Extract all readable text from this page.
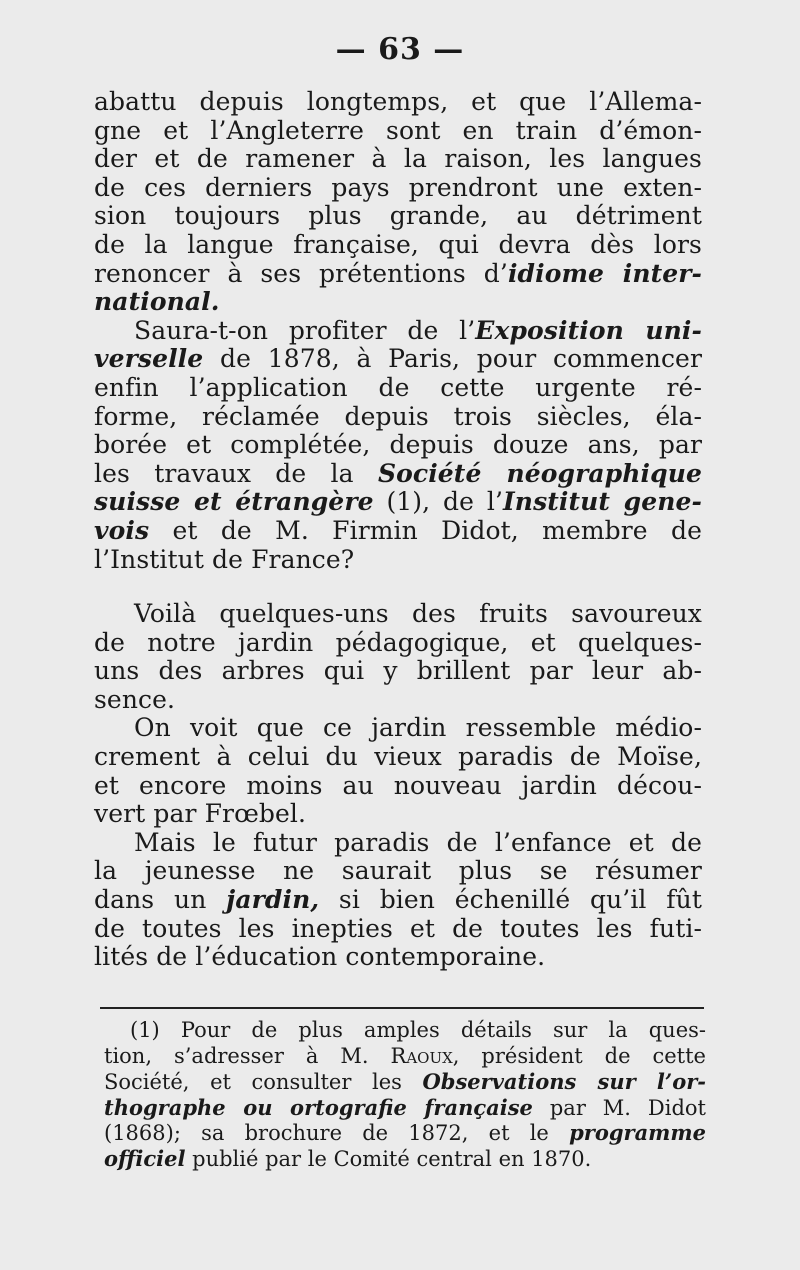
— 63 —
abattu depuis longtemps, et que l’Allema-
gne et l’Angleterre sont en train d’émon-
der et de ramener à la raison, les langues
de ces derniers pays prendront une exten-
sion toujours plus grande, au détriment
de la langue française, qui devra dès lors
renoncer à ses prétentions d’idiome inter-
national.
Saura-t-on profiter de l’Exposition uni-
verselle de 1878, à Paris, pour commencer
enfin l’application de cette urgente ré-
forme, réclamée depuis trois siècles, éla-
borée et complétée, depuis douze ans, par
les travaux de la Société néographique
suisse et étrangère (1), de l’Institut gene-
vois et de M. Firmin Didot, membre de
l’Institut de France?
Voilà quelques-uns des fruits savoureux
de notre jardin pédagogique, et quelques-
uns des arbres qui y brillent par leur ab-
sence.
On voit que ce jardin ressemble médio-
crement à celui du vieux paradis de Moïse,
et encore moins au nouveau jardin décou-
vert par Frœbel.
Mais le futur paradis de l’enfance et de
la jeunesse ne saurait plus se résumer
dans un jardin, si bien échenillé qu’il fût
de toutes les inepties et de toutes les futi-
lités de l’éducation contemporaine.
(1) Pour de plus amples détails sur la ques-
tion, s’adresser à M. Raoux, président de cette
Société, et consulter les Observations sur l’or-
thographe ou ortografie française par M. Didot
(1868); sa brochure de 1872, et le programme
officiel publié par le Comité central en 1870.
